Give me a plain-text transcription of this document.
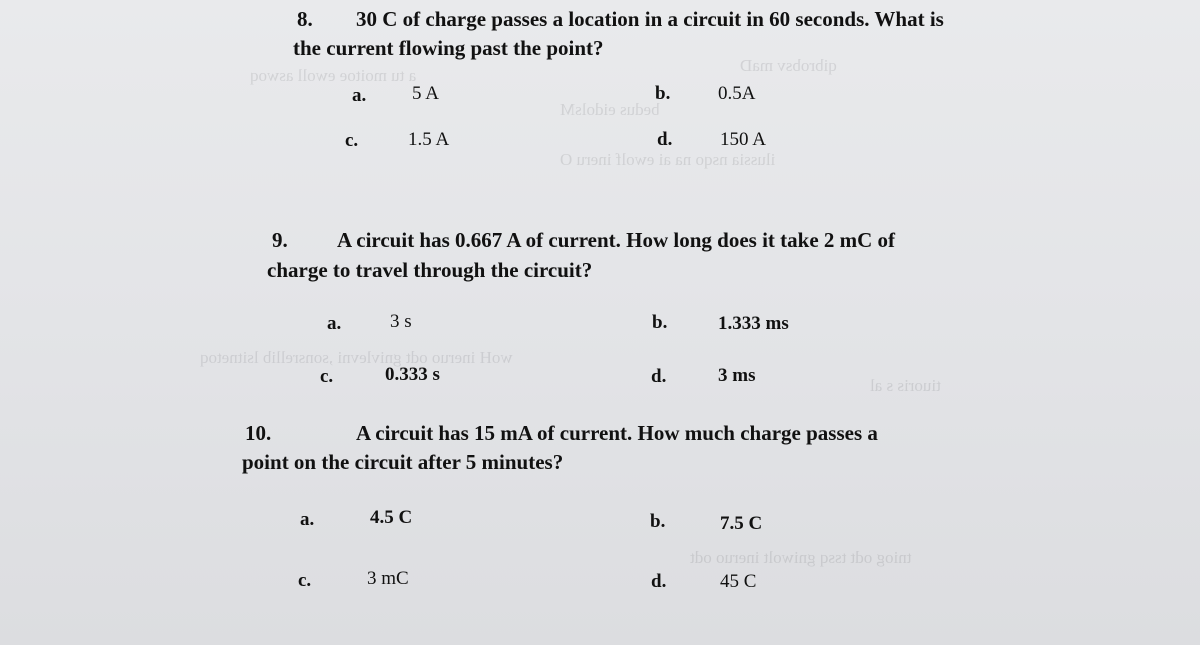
a tu moitoe ewoll aswoq
bedus eidolsM
qibrobsv maD
ilussia nsqo na ai ewolf ineru O
woH ineruo odt gnivlevni ,sonsrellib lsitnetoq
tiuoris s al
tniog odt tssq gniwolt ineruo odt
8. 30 C of charge passes a location in a circuit in 60 seconds. What is
the current flowing past the point?
a. 5 A	b.	0.5A
c.	1.5 A	d.	150 A
9. A circuit has 0.667 A of current. How long does it take 2 mC of
charge to travel through the circuit?
a.	3 s	b.	1.333 ms
c.	0.333 s	d.	3 ms
10.	A circuit has 15 mA of current. How much charge passes a
point on the circuit after 5 minutes?
a.	4.5 C	b.	7.5 C
c.	3 mC	d.	45 C
